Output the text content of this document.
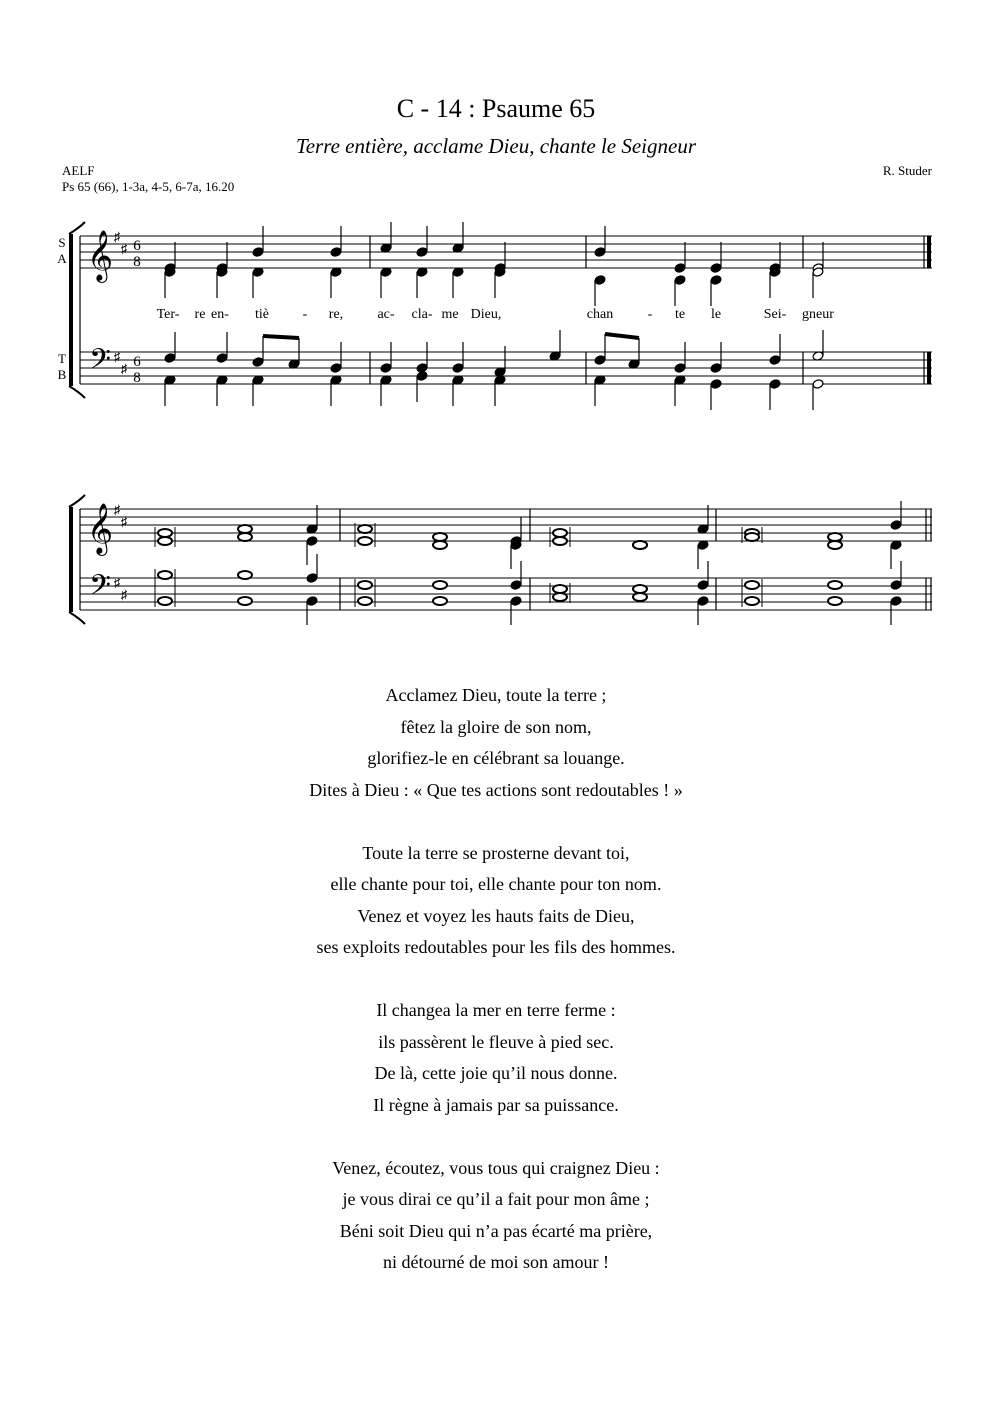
C - 14 : Psaume 65
Terre entière, acclame Dieu, chante le Seigneur
AELF
Ps 65 (66), 1-3a, 4-5, 6-7a, 16.20
R. Studer
S
A
T
B
𝄞
𝄢
♯
♯
♯
♯
6
8
6
8
Ter- re en- tiè - re, ac- cla- me Dieu,	chan - te le	Sei- gneur
𝄞
𝄢
♯
♯
♯
♯
Acclamez Dieu, toute la terre ;
fêtez la gloire de son nom,
glorifiez-le en célébrant sa louange.
Dites à Dieu : « Que tes actions sont redoutables ! »
Toute la terre se prosterne devant toi,
elle chante pour toi, elle chante pour ton nom.
Venez et voyez les hauts faits de Dieu,
ses exploits redoutables pour les fils des hommes.
Il changea la mer en terre ferme :
ils passèrent le fleuve à pied sec.
De là, cette joie qu’il nous donne.
Il règne à jamais par sa puissance.
Venez, écoutez, vous tous qui craignez Dieu :
je vous dirai ce qu’il a fait pour mon âme ;
Béni soit Dieu qui n’a pas écarté ma prière,
ni détourné de moi son amour !
